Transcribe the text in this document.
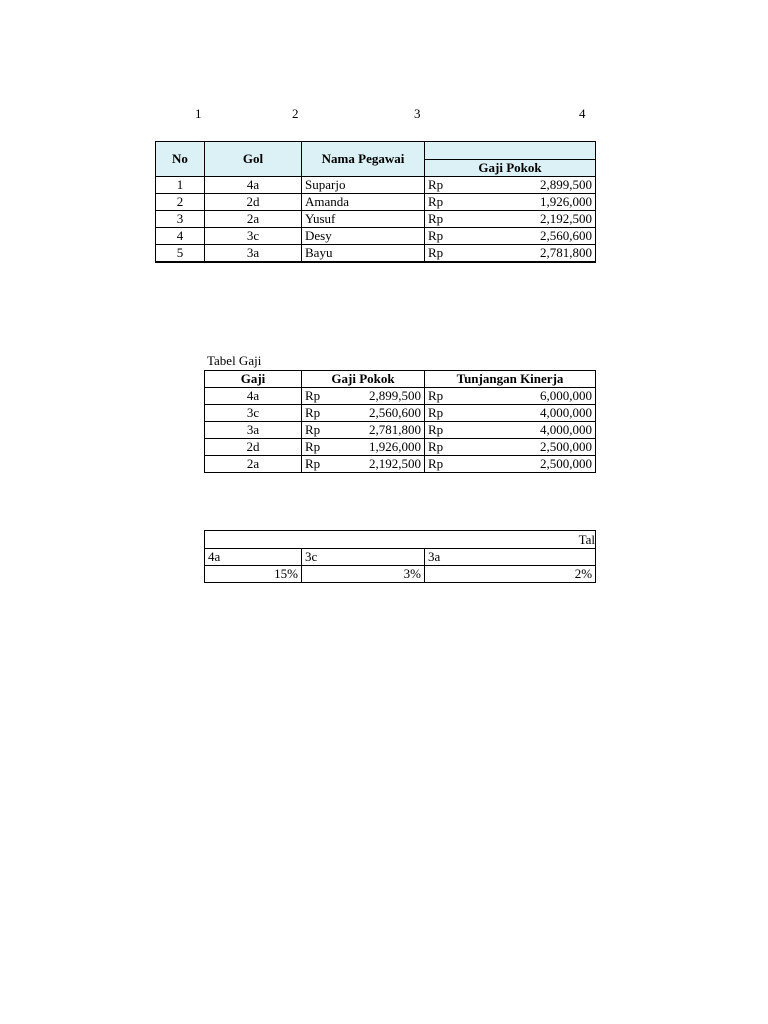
1	2	3	4
No	Gol	Nama Pegawai	
			Gaji Pokok
1	4a	Suparjo	Rp 2,899,500

2	2d	Amanda	Rp 1,926,000

3	2a	Yusuf	Rp 2,192,500

4	3c	Desy	Rp 2,560,600

5	3a	Bayu	Rp 2,781,800
Tabel Gaji
Gaji	Gaji Pokok	Tunjangan Kinerja
4a	Rp 2,899,500	Rp 6,000,000

3c	Rp 2,560,600	Rp 4,000,000

3a	Rp 2,781,800	Rp 4,000,000

2d	Rp 1,926,000	Rp 2,500,000

2a	Rp 2,192,500	Rp 2,500,000
Tal		
4a	3c	3a
15%	3%	2%
